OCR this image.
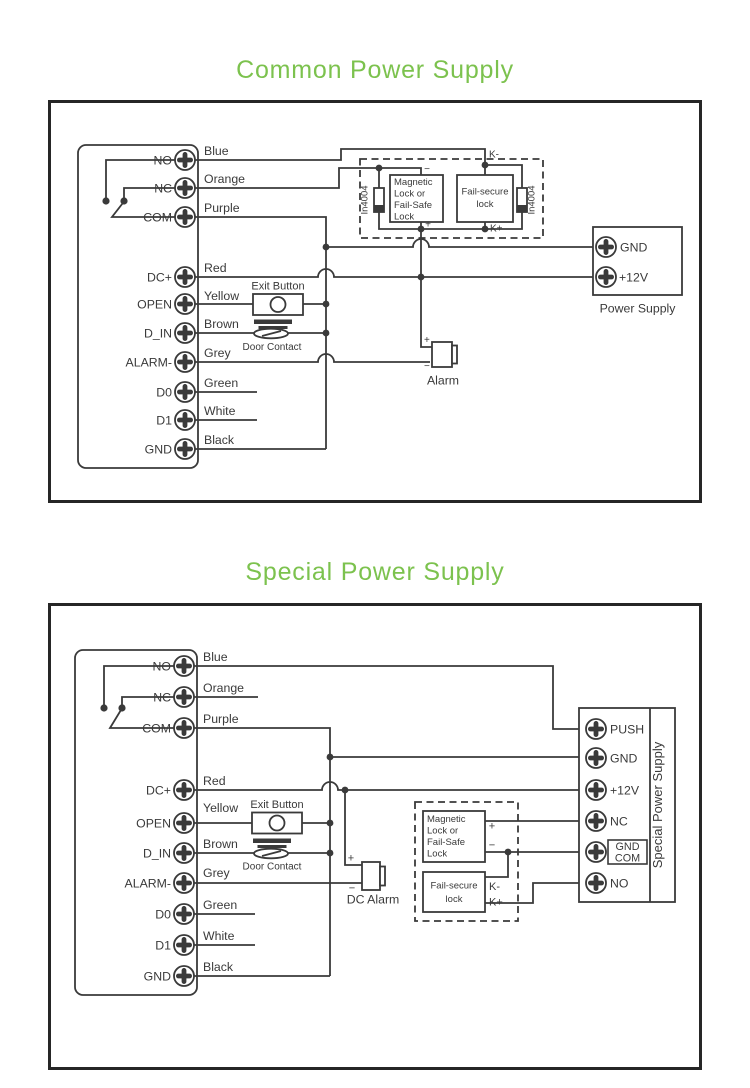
Common Power Supply
NO
NC
COM
DC+
OPEN
D_IN
ALARM-
D0
D1
GND
Blue
Orange
Purple
Red
Yellow
Brown
Grey
Green
White
Black
Exit Button
Door Contact
Alarm
+
−
−
+
K-
K+
In4004	In4004
Magnetic
Lock or
Fail-Safe
Lock
Fail-secure
lock
GND
+12V
Power Supply
Special Power Supply
NO
NC
COM
DC+
OPEN
D_IN
ALARM-
D0
D1
GND
Blue
Orange
Purple
Red
Yellow
Brown
Grey
Green
White
Black
Exit Button
Door Contact
DC Alarm
+
−
Magnetic
Lock or
Fail-Safe
Lock
Fail-secure
lock
+
−
K-
K+
PUSH
GND
+12V
NC
NO
GND
COM Special Power Supply
